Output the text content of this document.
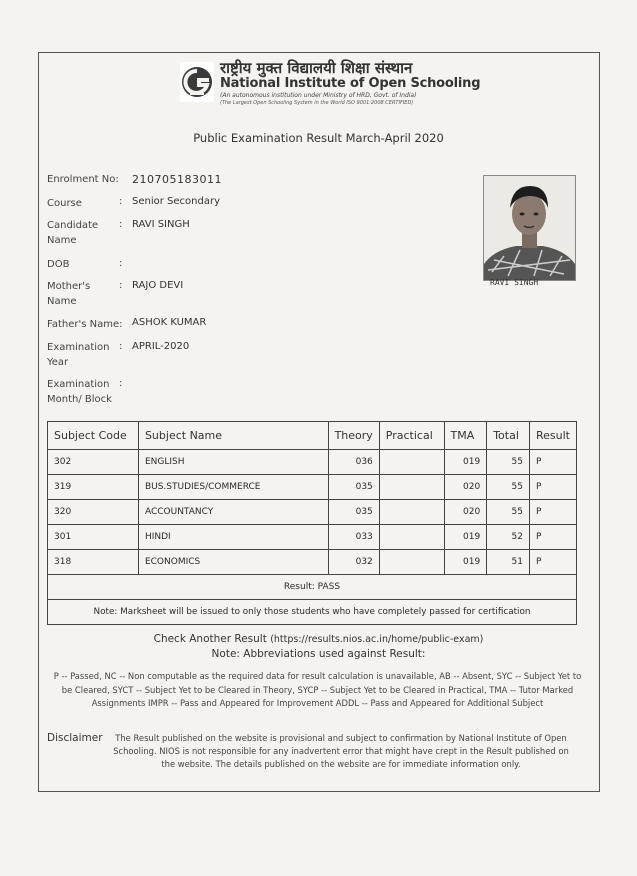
राष्ट्रीय मुक्त विद्यालयी शिक्षा संस्थान
National Institute of Open Schooling
(An autonomous institution under Ministry of HRD, Govt. of India)
(The Largest Open Schooling System in the World ISO 9001:2008 CERTIFIED)
Public Examination Result March-April 2020
Enrolment No: 210705183011
Course	: Senior Secondary
Candidate Name
: RAVI SINGH
DOB	:
Mother's Name
: RAJO DEVI
Father's Name: ASHOK KUMAR
Examination Year
: APRIL-2020
Examination Month/ Block
:
RAVI SINGH
Subject Code	Subject Name	Theory	Practical	TMA	Total	Result
302	ENGLISH	036		019	55	P
319	BUS.STUDIES/COMMERCE	035		020	55	P
320	ACCOUNTANCY	035		020	55	P
301	HINDI	033		019	52	P
318	ECONOMICS	032		019	51	P
Result: PASS						
Note: Marksheet will be issued to only those students who have completely passed for certification						
Check Another Result (https://results.nios.ac.in/home/public-exam)
Note: Abbreviations used against Result:
P -- Passed, NC -- Non computable as the required data for result calculation is unavailable, AB -- Absent, SYC -- Subject Yet to be Cleared, SYCT -- Subject Yet to be Cleared in Theory, SYCP -- Subject Yet to be Cleared in Practical, TMA -- Tutor Marked Assignments IMPR -- Pass and Appeared for Improvement ADDL -- Pass and Appeared for Additional Subject
Disclaimer	The Result published on the website is provisional and subject to confirmation by National Institute of Open Schooling. NIOS is not responsible for any inadvertent error that might have crept in the Result published on the website. The details published on the website are for immediate information only.
